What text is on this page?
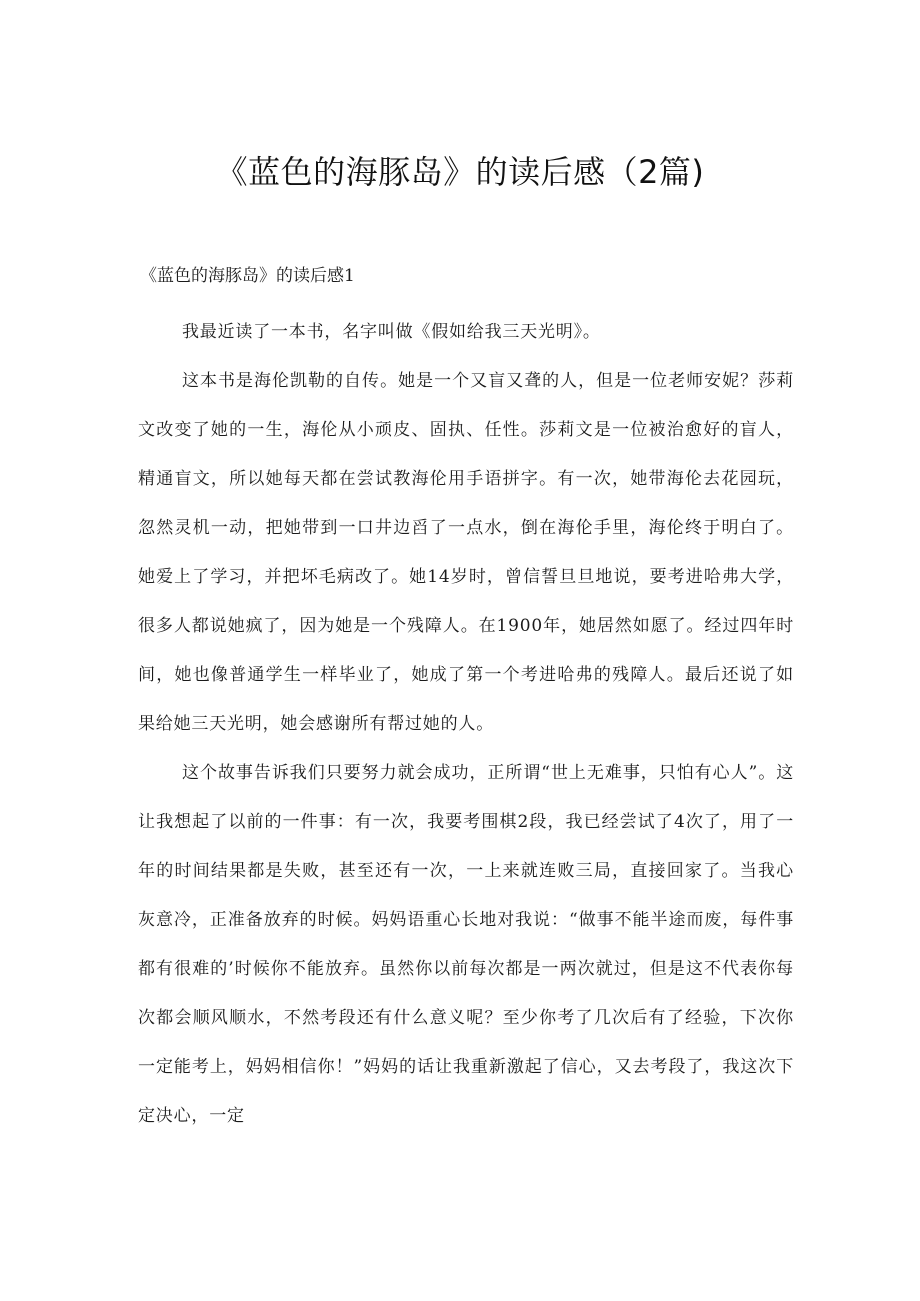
《蓝色的海豚岛》的读后感（2篇)

《蓝色的海豚岛》的读后感1

我最近读了一本书，名字叫做《假如给我三天光明》。

这本书是海伦凯勒的自传。她是一个又盲又聋的人，但是一位老师安妮？莎莉文改变了她的一生，海伦从小顽皮、固执、任性。莎莉文是一位被治愈好的盲人，精通盲文，所以她每天都在尝试教海伦用手语拼字。有一次，她带海伦去花园玩，忽然灵机一动，把她带到一口井边舀了一点水，倒在海伦手里，海伦终于明白了。她爱上了学习，并把坏毛病改了。她14岁时，曾信誓旦旦地说，要考进哈弗大学，很多人都说她疯了，因为她是一个残障人。在1900年，她居然如愿了。经过四年时间，她也像普通学生一样毕业了，她成了第一个考进哈弗的残障人。最后还说了如果给她三天光明，她会感谢所有帮过她的人。

这个故事告诉我们只要努力就会成功，正所谓“世上无难事，只怕有心人”。这让我想起了以前的一件事：有一次，我要考围棋2段，我已经尝试了4次了，用了一年的时间结果都是失败，甚至还有一次，一上来就连败三局，直接回家了。当我心灰意冷，正准备放弃的时候。妈妈语重心长地对我说：“做事不能半途而废，每件事都有很难的’时候你不能放弃。虽然你以前每次都是一两次就过，但是这不代表你每次都会顺风顺水，不然考段还有什么意义呢？至少你考了几次后有了经验，下次你一定能考上，妈妈相信你！”妈妈的话让我重新激起了信心，又去考段了，我这次下定决心，一定
